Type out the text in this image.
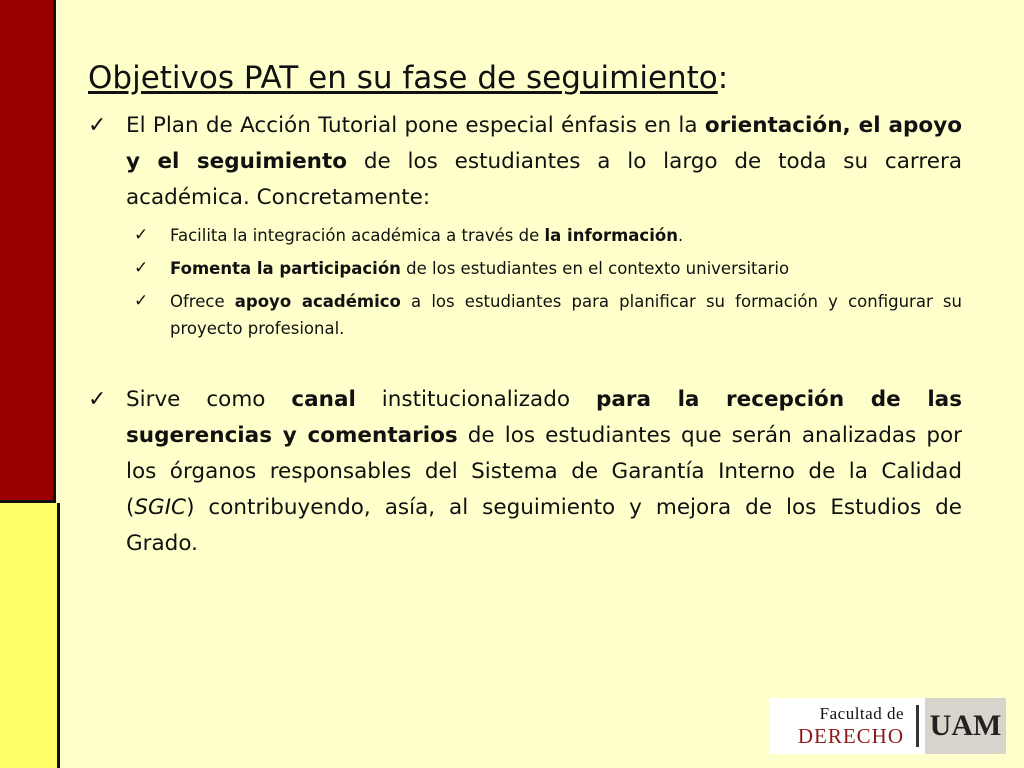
Objetivos PAT en su fase de seguimiento:
✓ El Plan de Acción Tutorial pone especial énfasis en la orientación, el apoyo y el seguimiento de los estudiantes a lo largo de toda su carrera académica. Concretamente:
✓ Facilita la integración académica a través de la información.
✓ Fomenta la participación de los estudiantes en el contexto universitario
✓ Ofrece apoyo académico a los estudiantes para planificar su formación y configurar su proyecto profesional.
✓ Sirve como canal institucionalizado para la recepción de las sugerencias y comentarios de los estudiantes que serán analizadas por los órganos responsables del Sistema de Garantía Interno de la Calidad (SGIC) contribuyendo, asía, al seguimiento y mejora de los Estudios de Grado.
Facultad de
DERECHO UAM
